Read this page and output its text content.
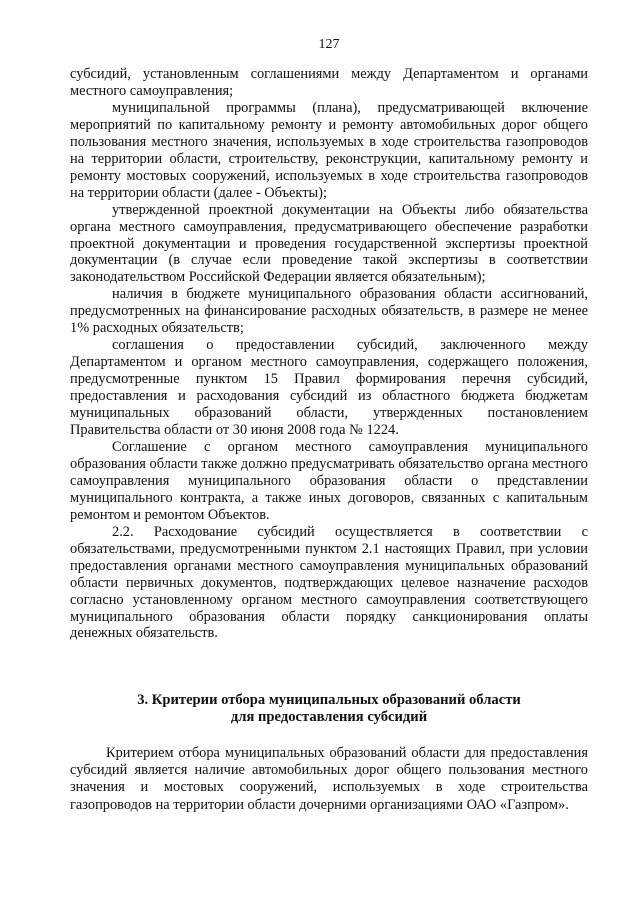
127

субсидий, установленным соглашениями между Департаментом и органами местного самоуправления;

муниципальной программы (плана), предусматривающей включение мероприятий по капитальному ремонту и ремонту автомобильных дорог общего пользования местного значения, используемых в ходе строительства газопроводов на территории области, строительству, реконструкции, капитальному ремонту и ремонту мостовых сооружений, используемых в ходе строительства газопроводов на территории области (далее - Объекты);

утвержденной проектной документации на Объекты либо обязательства органа местного самоуправления, предусматривающего обеспечение разработки проектной документации и проведения государственной экспертизы проектной документации (в случае если проведение такой экспертизы в соответствии законодательством Российской Федерации является обязательным);

наличия в бюджете муниципального образования области ассигнований, предусмотренных на финансирование расходных обязательств, в размере не менее 1% расходных обязательств;

соглашения о предоставлении субсидий, заключенного между Департаментом и органом местного самоуправления, содержащего положения, предусмотренные пунктом 15 Правил формирования перечня субсидий, предоставления и расходования субсидий из областного бюджета бюджетам муниципальных образований области, утвержденных постановлением Правительства области от 30 июня 2008 года № 1224.

Соглашение с органом местного самоуправления муниципального образования области также должно предусматривать обязательство органа местного самоуправления муниципального образования области о представлении муниципального контракта, а также иных договоров, связанных с капитальным ремонтом и ремонтом Объектов.

2.2. Расходование субсидий осуществляется в соответствии с обязательствами, предусмотренными пунктом 2.1 настоящих Правил, при условии предоставления органами местного самоуправления муниципальных образований области первичных документов, подтверждающих целевое назначение расходов согласно установленному органом местного самоуправления соответствующего муниципального образования области порядку санкционирования оплаты денежных обязательств.

3. Критерии отбора муниципальных образований области
для предоставления субсидий

Критерием отбора муниципальных образований области для предоставления субсидий является наличие автомобильных дорог общего пользования местного значения и мостовых сооружений, используемых в ходе строительства газопроводов на территории области дочерними организациями ОАО «Газпром».
